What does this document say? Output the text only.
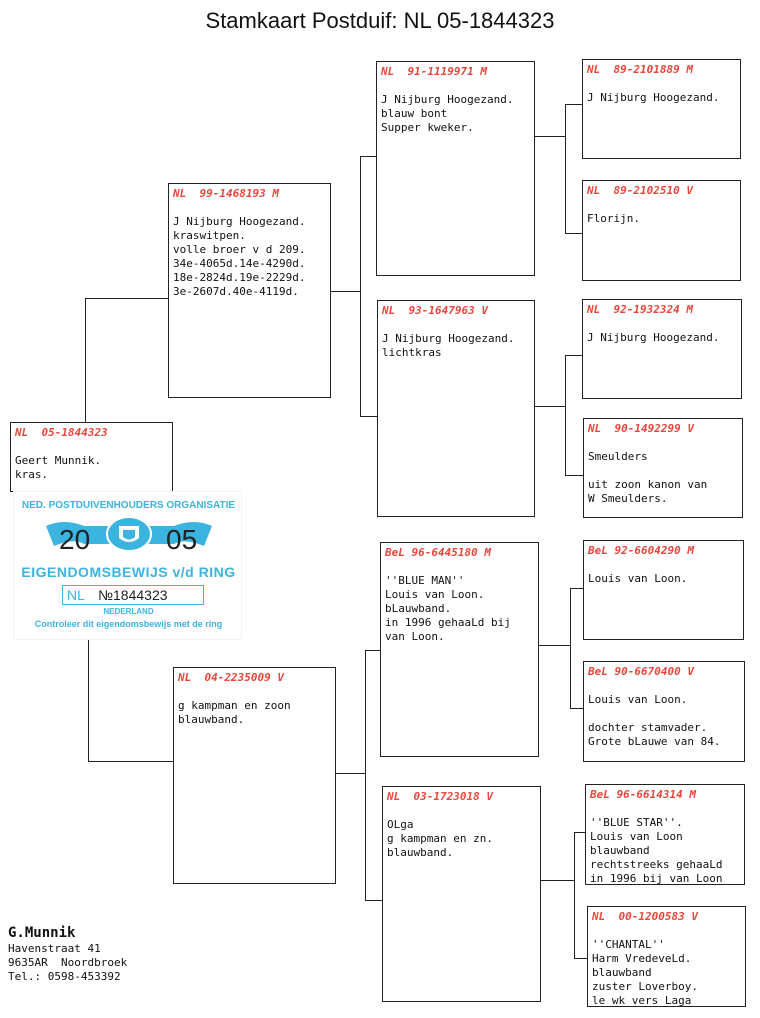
Stamkaart Postduif: NL 05-1844323
NL  05-1844323
Geert Munnik.
kras.
NL  99-1468193 M
J Nijburg Hoogezand.
kraswitpen.
volle broer v d 209.
34e-4065d.14e-4290d.
18e-2824d.19e-2229d.
3e-2607d.40e-4119d.
NL  04-2235009 V
g kampman en zoon
blauwband.
NL  91-1119971 M
J Nijburg Hoogezand.
blauw bont
Supper kweker.
NL  93-1647963 V
J Nijburg Hoogezand.
lichtkras
BeL 96-6445180 M
''BLUE MAN''
Louis van Loon.
bLauwband.
in 1996 gehaaLd bij
van Loon.
NL  03-1723018 V
OLga
g kampman en zn.
blauwband.
NL  89-2101889 M
J Nijburg Hoogezand.
NL  89-2102510 V
Florijn.
NL  92-1932324 M
J Nijburg Hoogezand.
NL  90-1492299 V
Smeulders
uit zoon kanon van
W Smeulders.
BeL 92-6604290 M
Louis van Loon.
BeL 90-6670400 V
Louis van Loon.
dochter stamvader.
Grote bLauwe van 84.
BeL 96-6614314 M
''BLUE STAR''.
Louis van Loon
blauwband
rechtstreeks gehaaLd
in 1996 bij van Loon
NL  00-1200583 V
''CHANTAL''
Harm VredeveLd.
blauwband
zuster Loverboy.
le wk vers Laga
NED. POSTDUIVENHOUDERS ORGANISATIE
20	05
EIGENDOMSBEWIJS v/d RING
NL №1844323
NEDERLAND
Controleer dit eigendomsbewijs met de ring
G.Munnik
Havenstraat 41
9635AR  Noordbroek
Tel.: 0598-453392
